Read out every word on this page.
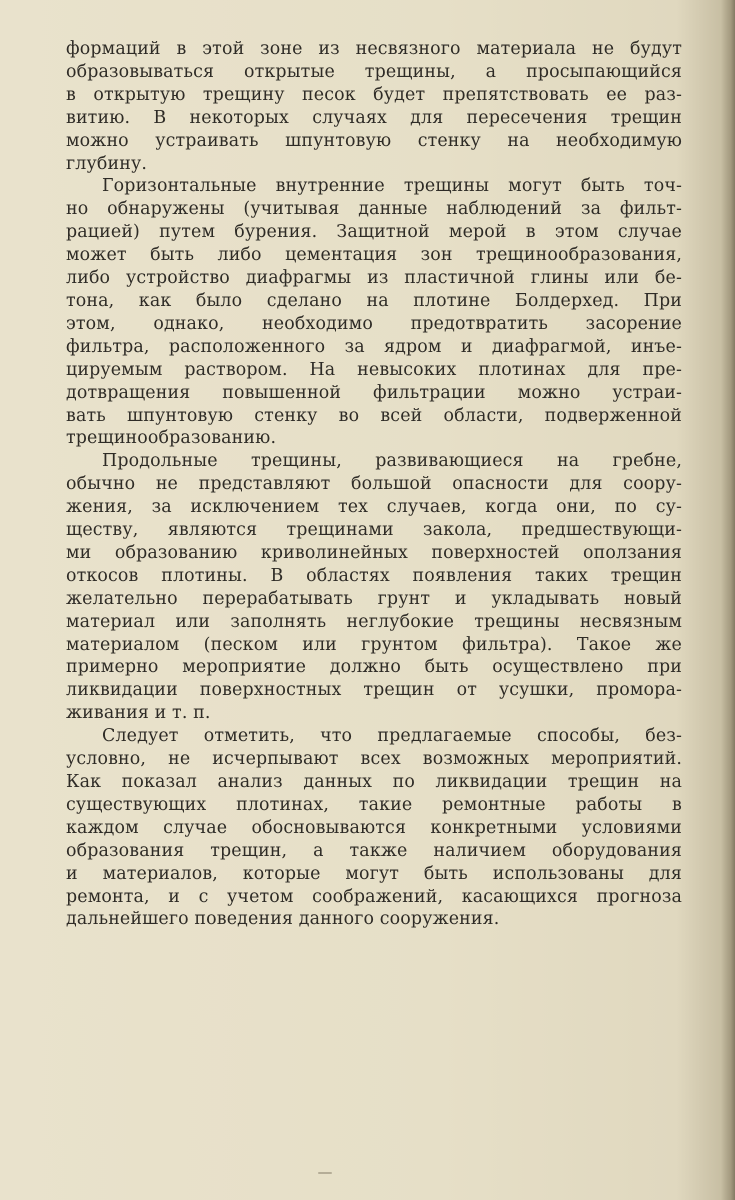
формаций в этой зоне из несвязного материала не будут
образовываться открытые трещины, а просыпающийся
в открытую трещину песок будет препятствовать ее раз-
витию. В некоторых случаях для пересечения трещин
можно устраивать шпунтовую стенку на необходимую
глубину.

Горизонтальные внутренние трещины могут быть точ-
но обнаружены (учитывая данные наблюдений за фильт-
рацией) путем бурения. Защитной мерой в этом случае
может быть либо цементация зон трещинообразования,
либо устройство диафрагмы из пластичной глины или бе-
тона, как было сделано на плотине Болдерхед. При
этом, однако, необходимо предотвратить засорение
фильтра, расположенного за ядром и диафрагмой, инъе-
цируемым раствором. На невысоких плотинах для пре-
дотвращения повышенной фильтрации можно устраи-
вать шпунтовую стенку во всей области, подверженной
трещинообразованию.

Продольные трещины, развивающиеся на гребне,
обычно не представляют большой опасности для соору-
жения, за исключением тех случаев, когда они, по су-
ществу, являются трещинами закола, предшествующи-
ми образованию криволинейных поверхностей оползания
откосов плотины. В областях появления таких трещин
желательно перерабатывать грунт и укладывать новый
материал или заполнять неглубокие трещины несвязным
материалом (песком или грунтом фильтра). Такое же
примерно мероприятие должно быть осуществлено при
ликвидации поверхностных трещин от усушки, промора-
живания и т. п.

Следует отметить, что предлагаемые способы, без-
условно, не исчерпывают всех возможных мероприятий.
Как показал анализ данных по ликвидации трещин на
существующих плотинах, такие ремонтные работы в
каждом случае обосновываются конкретными условиями
образования трещин, а также наличием оборудования
и материалов, которые могут быть использованы для
ремонта, и с учетом соображений, касающихся прогноза
дальнейшего поведения данного сооружения.
